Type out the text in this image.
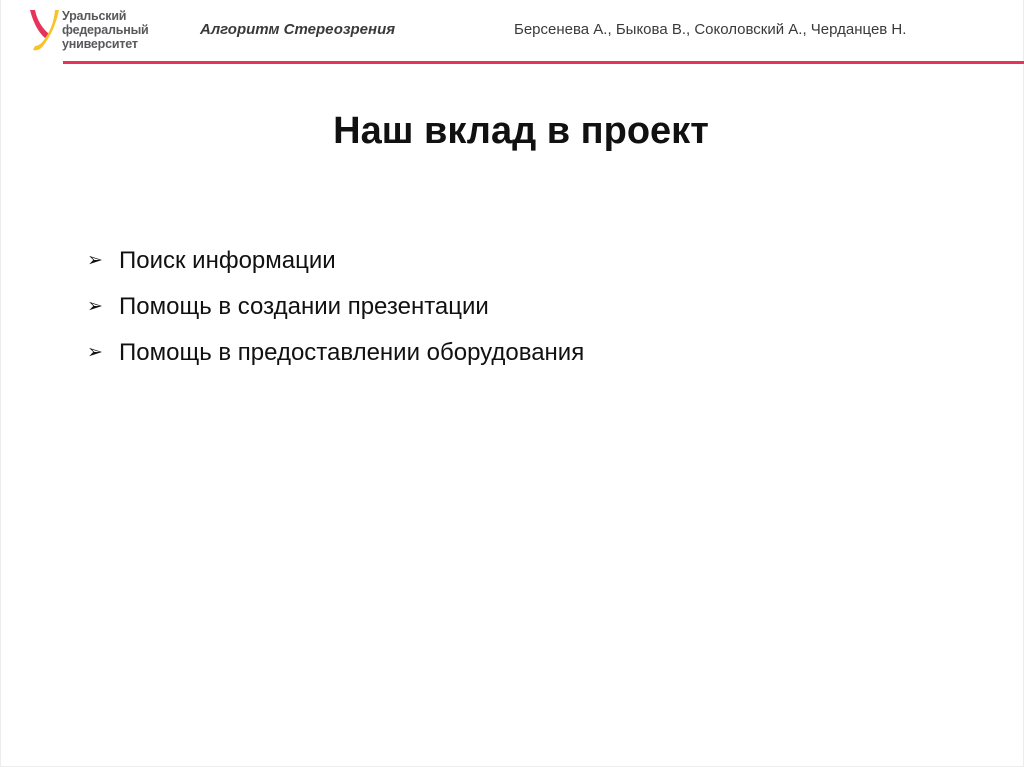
Уральский
федеральный
университет
Алгоритм Стереозрения	Берсенева А., Быкова В., Соколовский А., Черданцев Н.
Наш вклад в проект
➢ Поиск информации
➢ Помощь в создании презентации
➢ Помощь в предоставлении оборудования
